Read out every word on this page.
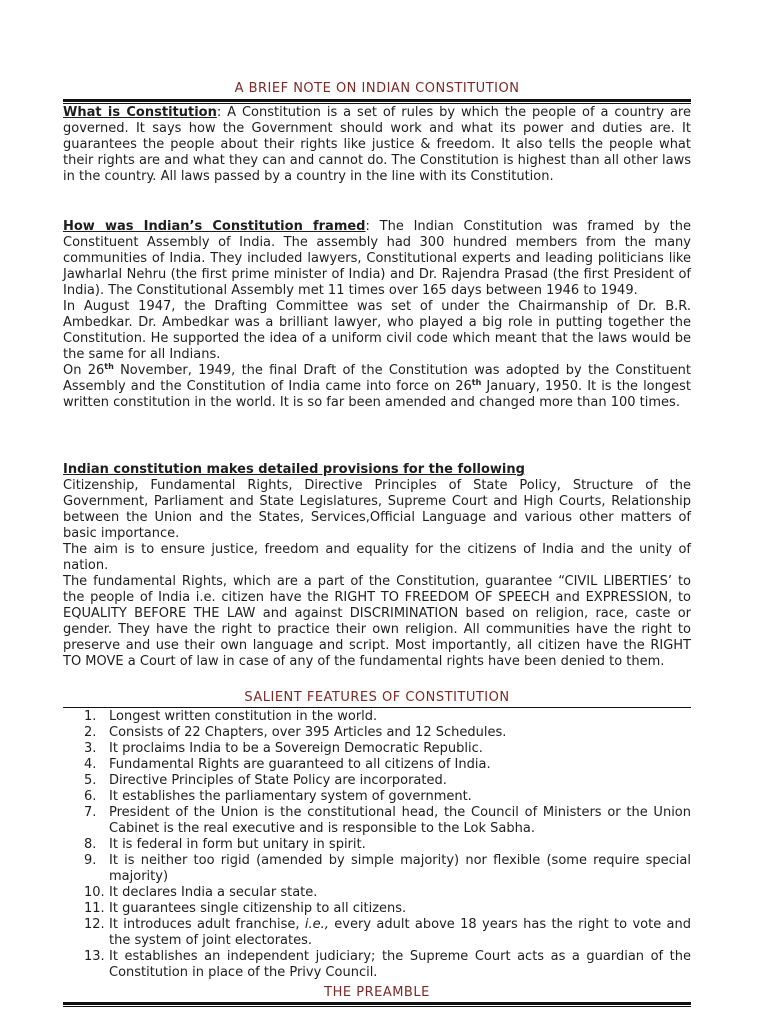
A BRIEF NOTE ON INDIAN CONSTITUTION

What is Constitution: A Constitution is a set of rules by which the people of a country are governed. It says how the Government should work and what its power and duties are. It guarantees the people about their rights like justice & freedom. It also tells the people what their rights are and what they can and cannot do. The Constitution is highest than all other laws in the country. All laws passed by a country in the line with its Constitution.

How was Indian’s Constitution framed: The Indian Constitution was framed by the Constituent Assembly of India. The assembly had 300 hundred members from the many communities of India. They included lawyers, Constitutional experts and leading politicians like Jawharlal Nehru (the first prime minister of India) and Dr. Rajendra Prasad (the first President of India). The Constitutional Assembly met 11 times over 165 days between 1946 to 1949.

In August 1947, the Drafting Committee was set of under the Chairmanship of Dr. B.R. Ambedkar. Dr. Ambedkar was a brilliant lawyer, who played a big role in putting together the Constitution. He supported the idea of a uniform civil code which meant that the laws would be the same for all Indians.

On 26th November, 1949, the final Draft of the Constitution was adopted by the Constituent Assembly and the Constitution of India came into force on 26th January, 1950. It is the longest written constitution in the world. It is so far been amended and changed more than 100 times.

Indian constitution makes detailed provisions for the following

Citizenship, Fundamental Rights, Directive Principles of State Policy, Structure of the Government, Parliament and State Legislatures, Supreme Court and High Courts, Relationship between the Union and the States, Services,Official Language and various other matters of basic importance.

The aim is to ensure justice, freedom and equality for the citizens of India and the unity of nation.

The fundamental Rights, which are a part of the Constitution, guarantee “CIVIL LIBERTIES’ to the people of India i.e. citizen have the RIGHT TO FREEDOM OF SPEECH and EXPRESSION, to EQUALITY BEFORE THE LAW and against DISCRIMINATION based on religion, race, caste or gender. They have the right to practice their own religion. All communities have the right to preserve and use their own language and script. Most importantly, all citizen have the RIGHT TO MOVE a Court of law in case of any of the fundamental rights have been denied to them.

SALIENT FEATURES OF CONSTITUTION
1. Longest written constitution in the world.
2. Consists of 22 Chapters, over 395 Articles and 12 Schedules.
3. It proclaims India to be a Sovereign Democratic Republic.
4. Fundamental Rights are guaranteed to all citizens of India.
5. Directive Principles of State Policy are incorporated.
6. It establishes the parliamentary system of government.
7. President of the Union is the constitutional head, the Council of Ministers or the Union Cabinet is the real executive and is responsible to the Lok Sabha.
8. It is federal in form but unitary in spirit.
9. It is neither too rigid (amended by simple majority) nor flexible (some require special majority)
10. It declares India a secular state.
11. It guarantees single citizenship to all citizens.
12. It introduces adult franchise, i.e., every adult above 18 years has the right to vote and the system of joint electorates.
13. It establishes an independent judiciary; the Supreme Court acts as a guardian of the Constitution in place of the Privy Council.
THE PREAMBLE
